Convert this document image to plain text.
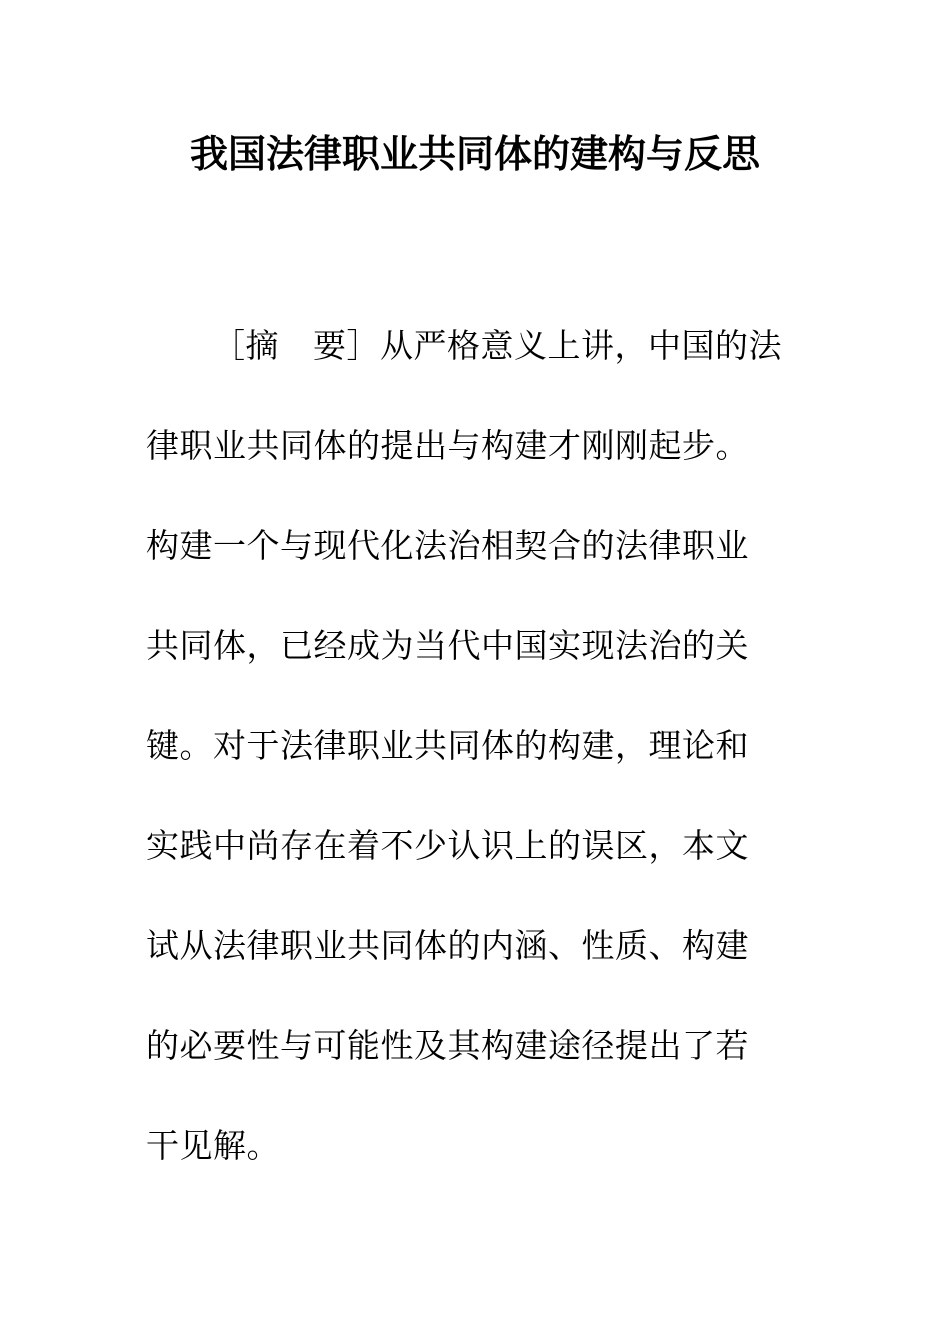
我国法律职业共同体的建构与反思
［摘 要］从严格意义上讲，中国的法
律职业共同体的提出与构建才刚刚起步。
构建一个与现代化法治相契合的法律职业
共同体，已经成为当代中国实现法治的关
键。对于法律职业共同体的构建，理论和
实践中尚存在着不少认识上的误区，本文
试从法律职业共同体的内涵、性质、构建
的必要性与可能性及其构建途径提出了若
干见解。
